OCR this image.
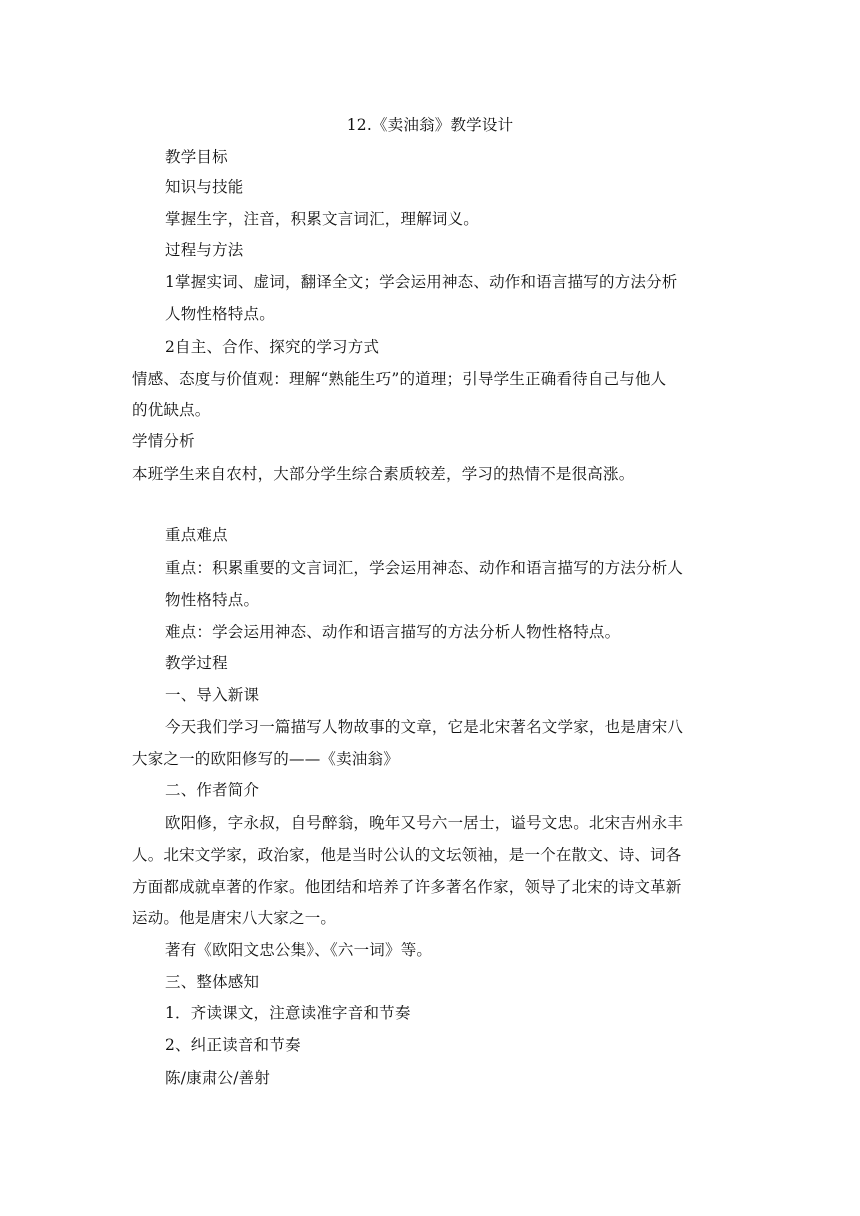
12.《卖油翁》教学设计
教学目标
知识与技能
掌握生字，注音，积累文言词汇，理解词义。
过程与方法
1掌握实词、虚词，翻译全文；学会运用神态、动作和语言描写的方法分析
人物性格特点。
2自主、合作、探究的学习方式
情感、态度与价值观：理解“熟能生巧”的道理；引导学生正确看待自己与他人
的优缺点。
学情分析
本班学生来自农村，大部分学生综合素质较差，学习的热情不是很高涨。
重点难点
重点：积累重要的文言词汇，学会运用神态、动作和语言描写的方法分析人
物性格特点。
难点：学会运用神态、动作和语言描写的方法分析人物性格特点。
教学过程
一、导入新课
今天我们学习一篇描写人物故事的文章，它是北宋著名文学家，也是唐宋八
大家之一的欧阳修写的——《卖油翁》
二、作者简介
欧阳修，字永叔，自号醉翁，晚年又号六一居士，谥号文忠。北宋吉州永丰
人。北宋文学家，政治家，他是当时公认的文坛领袖，是一个在散文、诗、词各
方面都成就卓著的作家。他团结和培养了许多著名作家，领导了北宋的诗文革新
运动。他是唐宋八大家之一。
著有《欧阳文忠公集》、《六一词》等。
三、整体感知
1．齐读课文，注意读准字音和节奏
2、纠正读音和节奏
陈/康肃公/善射
